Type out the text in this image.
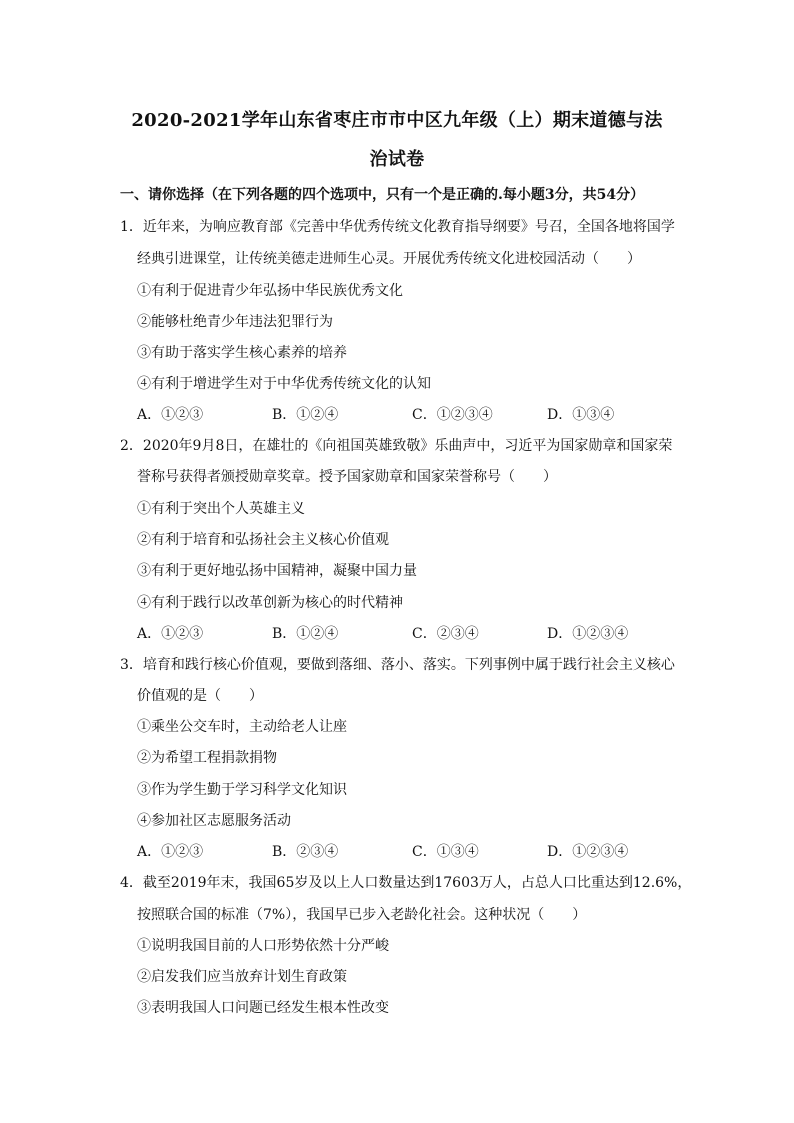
2020-2021学年山东省枣庄市市中区九年级（上）期末道德与法
治试卷
一、请你选择（在下列各题的四个选项中，只有一个是正确的.每小题3分，共54分）
1．近年来，为响应教育部《完善中华优秀传统文化教育指导纲要》号召，全国各地将国学
经典引进课堂，让传统美德走进师生心灵。开展优秀传统文化进校园活动（　　）
①有利于促进青少年弘扬中华民族优秀文化
②能够杜绝青少年违法犯罪行为
③有助于落实学生核心素养的培养
④有利于增进学生对于中华优秀传统文化的认知
A．①②③	B．①②④	C．①②③④	D．①③④
2．2020年9月8日，在雄壮的《向祖国英雄致敬》乐曲声中，习近平为国家勋章和国家荣
誉称号获得者颁授勋章奖章。授予国家勋章和国家荣誉称号（　　）
①有利于突出个人英雄主义
②有利于培育和弘扬社会主义核心价值观
③有利于更好地弘扬中国精神，凝聚中国力量
④有利于践行以改革创新为核心的时代精神
A．①②③	B．①②④	C．②③④	D．①②③④
3．培育和践行核心价值观，要做到落细、落小、落实。下列事例中属于践行社会主义核心
价值观的是（　　）
①乘坐公交车时，主动给老人让座
②为希望工程捐款捐物
③作为学生勤于学习科学文化知识
④参加社区志愿服务活动
A．①②③	B．②③④	C．①③④	D．①②③④
4．截至2019年末，我国65岁及以上人口数量达到17603万人，占总人口比重达到12.6%，
按照联合国的标准（7%），我国早已步入老龄化社会。这种状况（　　）
①说明我国目前的人口形势依然十分严峻
②启发我们应当放弃计划生育政策
③表明我国人口问题已经发生根本性改变
